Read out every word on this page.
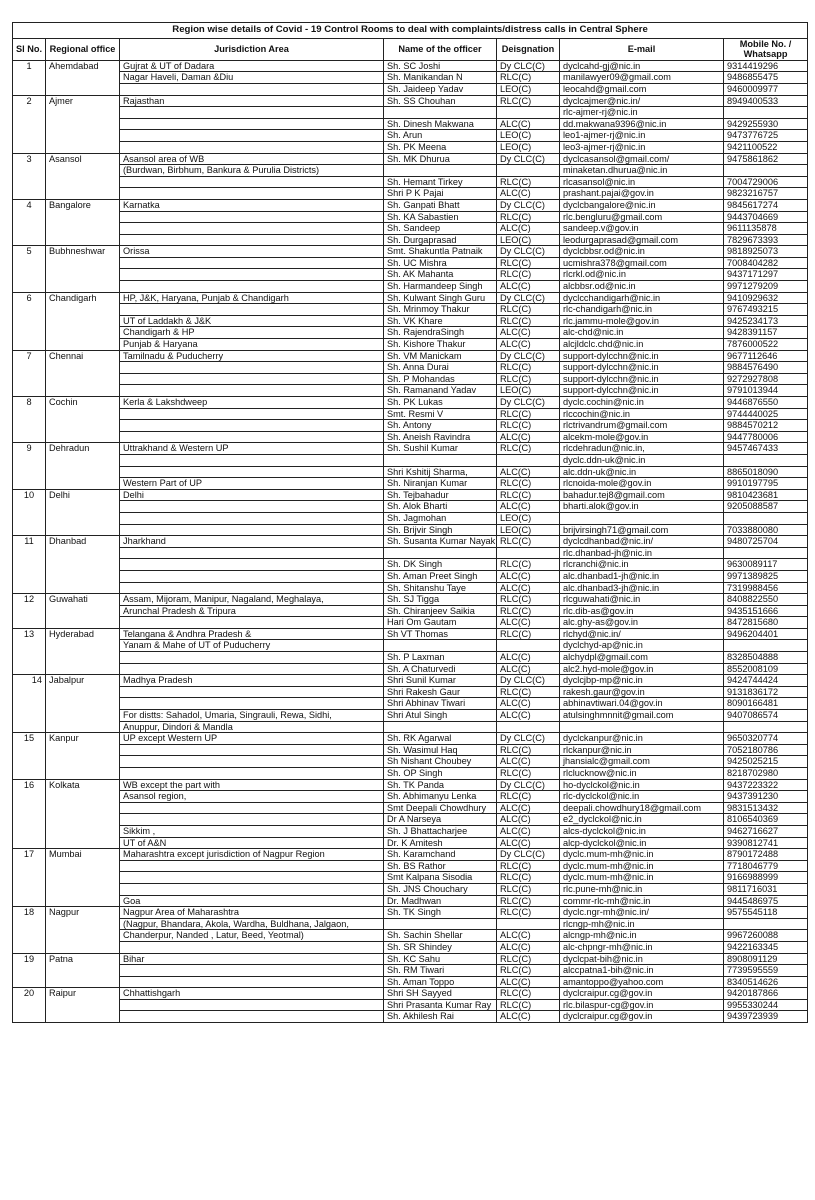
Region wise details of Covid - 19 Control Rooms to deal with complaints/distress calls in Central Sphere						
Sl No.	Regional office	Jurisdiction Area	Name of the officer	Deisgnation	E-mail	Mobile No. /
Whatsapp
1	Ahemdabad	Gujrat & UT of Dadara	Sh. SC Joshi	Dy CLC(C)	dyclcahd-gj@nic.in	9314419296
		Nagar Haveli, Daman &Diu	Sh. Manikandan N	RLC(C)	manilawyer09@gmail.com	9486855475
			Sh. Jaideep Yadav	LEO(C)	leocahd@gmail.com	9460009977
2	Ajmer	Rajasthan	Sh. SS Chouhan	RLC(C)	dyclcajmer@nic.in/	8949400533
					rlc-ajmer-rj@nic.in	
			Sh. Dinesh Makwana	ALC(C)	dd.makwana9396@nic.in	9429255930
			Sh. Arun	LEO(C)	leo1-ajmer-rj@nic.in	9473776725
			Sh. PK Meena	LEO(C)	leo3-ajmer-rj@nic.in	9421100522
3	Asansol	Asansol area of WB	Sh. MK Dhurua	Dy CLC(C)	dyclcasansol@gmail.com/	9475861862
		(Burdwan, Birbhum, Bankura & Purulia Districts)			minaketan.dhurua@nic.in	
			Sh. Hemant Tirkey	RLC(C)	rlcasansol@nic.in	7004729006
			Shri P K Pajai	ALC(C)	prashant.pajai@gov.in	9823216757
4	Bangalore	Karnatka	Sh. Ganpati Bhatt	Dy CLC(C)	dyclcbangalore@nic.in	9845617274
			Sh. KA Sabastien	RLC(C)	rlc.bengluru@gmail.com	9443704669
			Sh. Sandeep	ALC(C)	sandeep.v@gov.in	9611135878
			Sh. Durgaprasad	LEO(C)	leodurgaprasad@gmail.com	7829673393
5	Bubhneshwar	Orissa	Smt. Shakuntla Patnaik	Dy CLC(C)	dyclcbbsr.od@nic.in	9818925073
			Sh. UC Mishra	RLC(C)	ucmishra378@gmail.com	7008404282
			Sh. AK Mahanta	RLC(C)	rlcrkl.od@nic.in	9437171297
			Sh. Harmandeep Singh	ALC(C)	alcbbsr.od@nic.in	9971279209
6	Chandigarh	HP, J&K, Haryana, Punjab & Chandigarh	Sh. Kulwant Singh Guru	Dy CLC(C)	dyclcchandigarh@nic.in	9410929632
			Sh. Mrinmoy Thakur	RLC(C)	rlc-chandigarh@nic.in	9767493215
		UT of Laddakh & J&K	Sh. VK Khare	RLC(C)	rlc.jammu-mole@gov.in	9425234173
		Chandigarh & HP	Sh. RajendraSingh	ALC(C)	alc-chd@nic.in	9428391157
		Punjab & Haryana	Sh. Kishore Thakur	ALC(C)	alcjldclc.chd@nic.in	7876000522
7	Chennai	Tamilnadu & Puducherry	Sh. VM Manickam	Dy CLC(C)	support-dylcchn@nic.in	9677112646
			Sh. Anna Durai	RLC(C)	support-dylcchn@nic.in	9884576490
			Sh. P Mohandas	RLC(C)	support-dylcchn@nic.in	9272927808
			Sh. Ramanand Yadav	LEO(C)	support-dylcchn@nic.in	9791013944
8	Cochin	Kerla & Lakshdweep	Sh. PK Lukas	Dy CLC(C)	dyclc.cochin@nic.in	9446876550
			Smt. Resmi V	RLC(C)	rlccochin@nic.in	9744440025
			Sh. Antony	RLC(C)	rlctrivandrum@gmail.com	9884570212
			Sh. Aneish Ravindra	ALC(C)	alcekm-mole@gov.in	9447780006
9	Dehradun	Uttrakhand & Western UP	Sh. Sushil Kumar	RLC(C)	rlcdehradun@nic.in,	9457467433
					dyclc.ddn-uk@nic.in	
			Shri Kshitij Sharma,	ALC(C)	alc.ddn-uk@nic.in	8865018090
		Western Part of UP	Sh. Niranjan Kumar	RLC(C)	rlcnoida-mole@gov.in	9910197795
10	Delhi	Delhi	Sh. Tejbahadur	RLC(C)	bahadur.tej8@gmail.com	9810423681
			Sh. Alok Bharti	ALC(C)	bharti.alok@gov.in	9205088587
			Sh. Jagmohan	LEO(C)		
			Sh. Brijvir Singh	LEO(C)	brijvirsingh71@gmail.com	7033880080
11	Dhanbad	Jharkhand	Sh. Susanta Kumar Nayak	RLC(C)	dyclcdhanbad@nic.in/	9480725704
					rlc.dhanbad-jh@nic.in	
			Sh. DK Singh	RLC(C)	rlcranchi@nic.in	9630089117
			Sh. Aman Preet Singh	ALC(C)	alc.dhanbad1-jh@nic.in	9971389825
			Sh. Shitanshu Taye	ALC(C)	alc.dhanbad3-jh@nic.in	7319988456
12	Guwahati	Assam, Mijoram, Manipur, Nagaland, Meghalaya,	Sh. SJ Tigga	RLC(C)	rlcguwahati@nic.in	8408822550
		Arunchal Pradesh & Tripura	Sh. Chiranjeev Saikia	RLC(C)	rlc.dib-as@gov.in	9435151666
			Hari Om Gautam	ALC(C)	alc.ghy-as@gov.in	8472815680
13	Hyderabad	Telangana & Andhra Pradesh &	Sh VT Thomas	RLC(C)	rlchyd@nic.in/	9496204401
		Yanam & Mahe of UT of Puducherry			dyclchyd-ap@nic.in	
			Sh. P Laxman	ALC(C)	alchydpl@gmail.com	8328504888
			Sh. A Chaturvedi	ALC(C)	alc2.hyd-mole@gov.in	8552008109
14	Jabalpur	Madhya Pradesh	Shri Sunil Kumar	Dy CLC(C)	dyclcjbp-mp@nic.in	9424744424
			Shri Rakesh Gaur	RLC(C)	rakesh.gaur@gov.in	9131836172
			Shri Abhinav Tiwari	ALC(C)	abhinavtiwari.04@gov.in	8090166481
		For distts: Sahadol, Umaria, Singrauli, Rewa, Sidhi,	Shri Atul Singh	ALC(C)	atulsinghmnnit@gmail.com	9407086574
		Anuppur, Dindori & Mandla				
15	Kanpur	UP except Western UP	Sh. RK Agarwal	Dy CLC(C)	dyclckanpur@nic.in	9650320774
			Sh. Wasimul Haq	RLC(C)	rlckanpur@nic.in	7052180786
			Sh Nishant Choubey	ALC(C)	jhansialc@gmail.com	9425025215
			Sh. OP Singh	RLC(C)	rlclucknow@nic.in	8218702980
16	Kolkata	WB except the part with	Sh. TK Panda	Dy CLC(C)	ho-dyclckol@nic.in	9437223322
		Asansol region,	Sh. Abhimanyu Lenka	RLC(C)	rlc-dyclckol@nic.in	9437391230
			Smt Deepali Chowdhury	ALC(C)	deepali.chowdhury18@gmail.com	9831513432
			Dr A Narseya	ALC(C)	e2_dyclckol@nic.in	8106540369
		Sikkim ,	Sh. J Bhattacharjee	ALC(C)	alcs-dyclckol@nic.in	9462716627
		UT of A&N	Dr. K Amitesh	ALC(C)	alcp-dyclckol@nic.in	9390812741
17	Mumbai	Maharashtra except jurisdiction of Nagpur Region	Sh. Karamchand	Dy CLC(C)	dyclc.mum-mh@nic.in	8790172488
			Sh. BS Rathor	RLC(C)	dyclc.mum-mh@nic.in	7718046779
			Smt Kalpana Sisodia	RLC(C)	dyclc.mum-mh@nic.in	9166988999
			Sh. JNS Chouchary	RLC(C)	rlc.pune-mh@nic.in	9811716031
		Goa	Dr. Madhwan	RLC(C)	commr-rlc-mh@nic.in	9445486975
18	Nagpur	Nagpur Area of Maharashtra	Sh. TK Singh	RLC(C)	dyclc.ngr-mh@nic.in/	9575545118
		(Nagpur, Bhandara, Akola, Wardha, Buldhana, Jalgaon,			rlcngp-mh@nic.in	
		Chanderpur, Nanded , Latur, Beed, Yeotmal)	Sh. Sachin Shellar	ALC(C)	alcngp-mh@nic.in	9967260088
			Sh. SR Shindey	ALC(C)	alc-chpngr-mh@nic.in	9422163345
19	Patna	Bihar	Sh. KC Sahu	RLC(C)	dyclcpat-bih@nic.in	8908091129
			Sh. RM Tiwari	RLC(C)	alccpatna1-bih@nic.in	7739595559
			Sh. Aman Toppo	ALC(C)	amantoppo@yahoo.com	8340514626
20	Raipur	Chhattishgarh	Shri SH Sayyed	RLC(C)	dyclcraipur.cg@gov.in	9420187866
			Shri Prasanta Kumar Ray	RLC(C)	rlc.bilaspur-cg@gov.in	9955330244
			Sh. Akhilesh Rai	ALC(C)	dyclcraipur.cg@gov.in	9439723939
